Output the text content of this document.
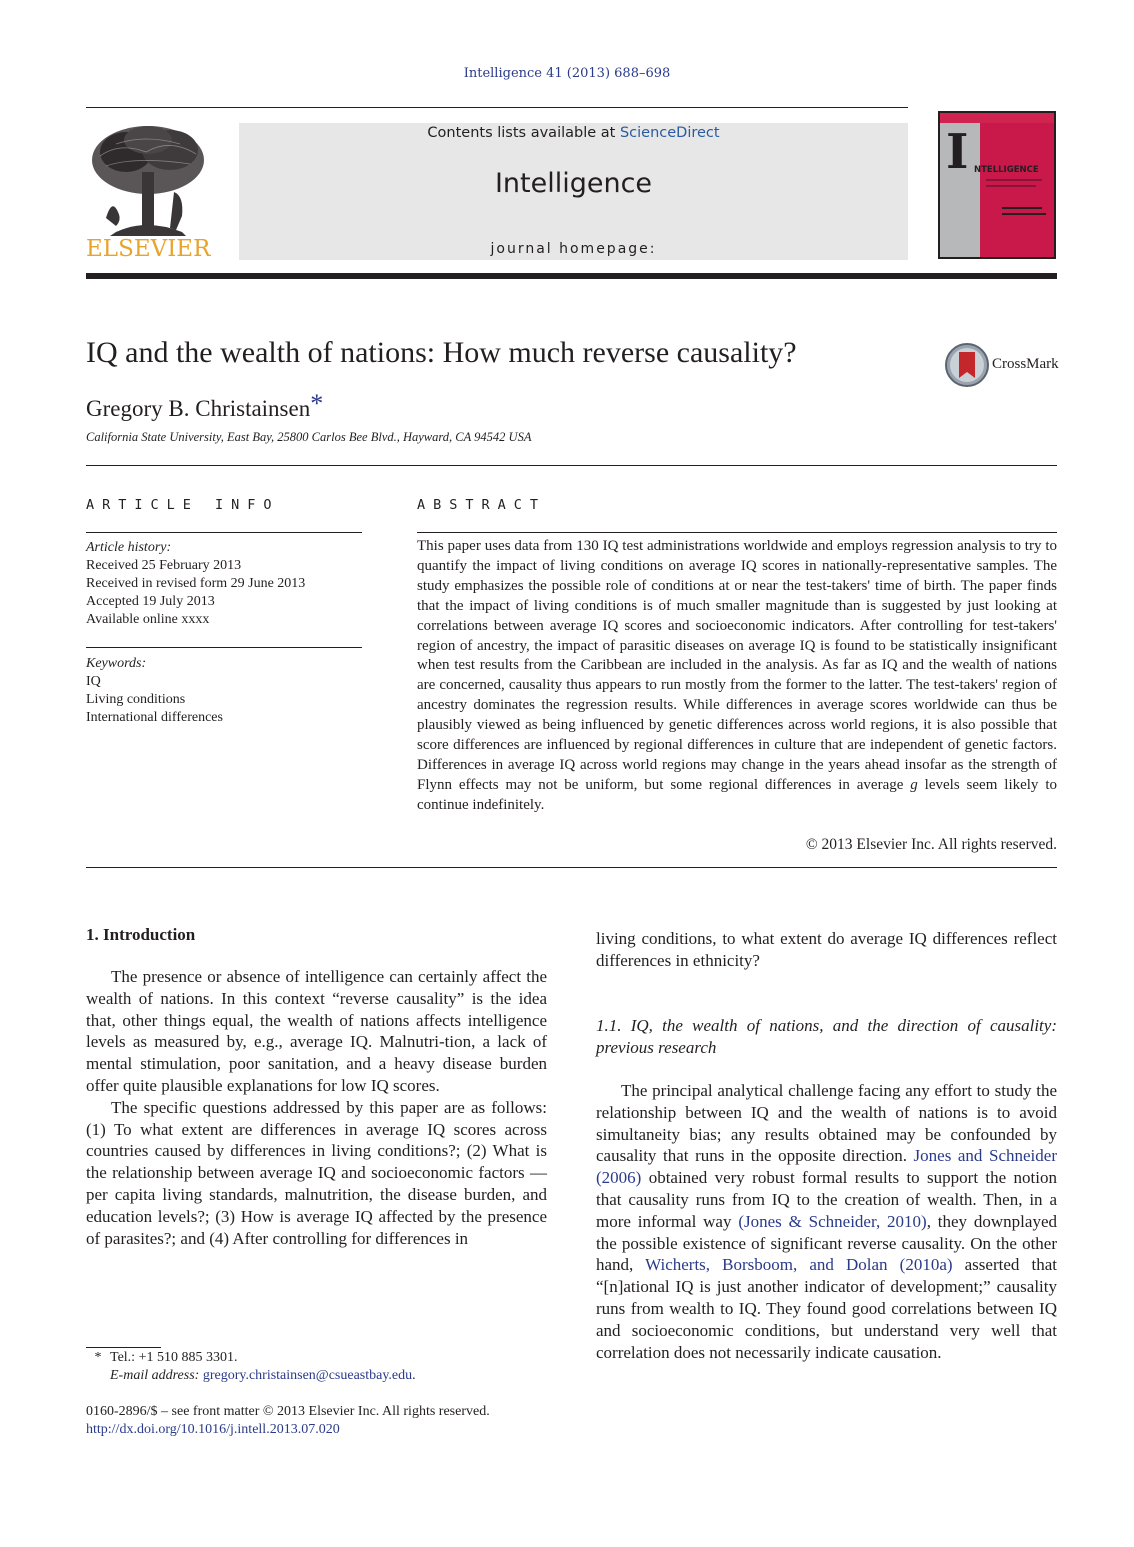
Intelligence 41 (2013) 688–698
ELSEVIER
Contents lists available at ScienceDirect
Intelligence
journal homepage:
I NTELLIGENCE
IQ and the wealth of nations: How much reverse causality?	CrossMark
Gregory B. Christainsen*
California State University, East Bay, 25800 Carlos Bee Blvd., Hayward, CA 94542 USA
ARTICLE INFO	ABSTRACT
Article history:
Received 25 February 2013
Received in revised form 29 June 2013
Accepted 19 July 2013
Available online xxxx
Keywords:
IQ
Living conditions
International differences
This paper uses data from 130 IQ test administrations worldwide and employs regression analysis to try to quantify the impact of living conditions on average IQ scores in nationally-representative samples. The study emphasizes the possible role of conditions at or near the test-takers' time of birth. The paper finds that the impact of living conditions is of much smaller magnitude than is suggested by just looking at correlations between average IQ scores and socioeconomic indicators. After controlling for test-takers' region of ancestry, the impact of parasitic diseases on average IQ is found to be statistically insignificant when test results from the Caribbean are included in the analysis. As far as IQ and the wealth of nations are concerned, causality thus appears to run mostly from the former to the latter. The test-takers' region of ancestry dominates the regression results. While differences in average scores worldwide can thus be plausibly viewed as being influenced by genetic differences across world regions, it is also possible that score differences are influenced by regional differences in culture that are independent of genetic factors. Differences in average IQ across world regions may change in the years ahead insofar as the strength of Flynn effects may not be uniform, but some regional differences in average g levels seem likely to continue indefinitely.
© 2013 Elsevier Inc. All rights reserved.
1. Introduction

The presence or absence of intelligence can certainly affect the wealth of nations. In this context “reverse causality” is the idea that, other things equal, the wealth of nations affects intelligence levels as measured by, e.g., average IQ. Malnutri-tion, a lack of mental stimulation, poor sanitation, and a heavy disease burden offer quite plausible explanations for low IQ scores.

The specific questions addressed by this paper are as follows: (1) To what extent are differences in average IQ scores across countries caused by differences in living conditions?; (2) What is the relationship between average IQ and socioeconomic factors — per capita living standards, malnutrition, the disease burden, and education levels?; (3) How is average IQ affected by the presence of parasites?; and (4) After controlling for differences in

living conditions, to what extent do average IQ differences reflect differences in ethnicity?
1.1. IQ, the wealth of nations, and the direction of causality: previous research

The principal analytical challenge facing any effort to study the relationship between IQ and the wealth of nations is to avoid simultaneity bias; any results obtained may be confounded by causality that runs in the opposite direction. Jones and Schneider (2006) obtained very robust formal results to support the notion that causality runs from IQ to the creation of wealth. Then, in a more informal way (Jones & Schneider, 2010), they downplayed the possible existence of significant reverse causality. On the other hand, Wicherts, Borsboom, and Dolan (2010a) asserted that “[n]ational IQ is just another indicator of development;” causality runs from wealth to IQ. They found good correlations between IQ and socioeconomic conditions, but understand very well that correlation does not necessarily indicate causation.

* Tel.: +1 510 885 3301.
E-mail address: gregory.christainsen@csueastbay.edu.
0160-2896/$ – see front matter © 2013 Elsevier Inc. All rights reserved.
http://dx.doi.org/10.1016/j.intell.2013.07.020
